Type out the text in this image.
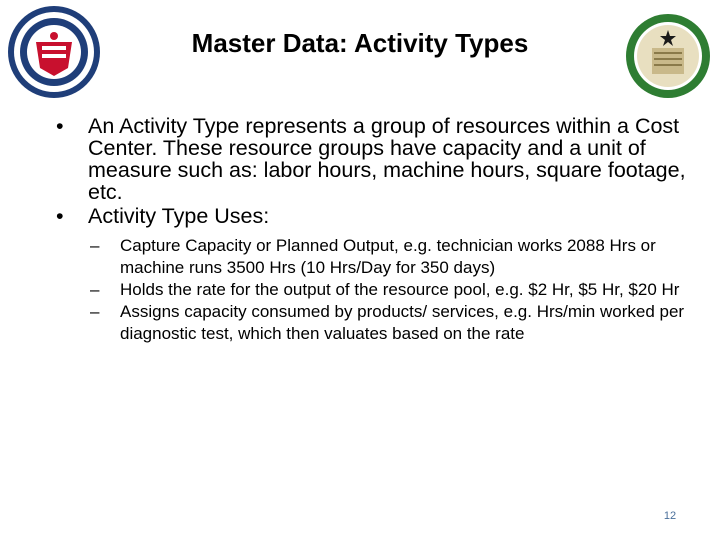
Master Data: Activity Types

• An Activity Type represents a group of resources within a Cost Center. These resource groups have capacity and a unit of measure such as: labor hours, machine hours, square footage, etc.

• Activity Type Uses:

– Capture Capacity or Planned Output, e.g. technician works 2088 Hrs or machine runs 3500 Hrs (10 Hrs/Day for 350 days)

– Holds the rate for the output of the resource pool, e.g. $2 Hr, $5 Hr, $20 Hr

– Assigns capacity consumed by products/ services, e.g. Hrs/min worked per diagnostic test, which then valuates based on the rate

12
